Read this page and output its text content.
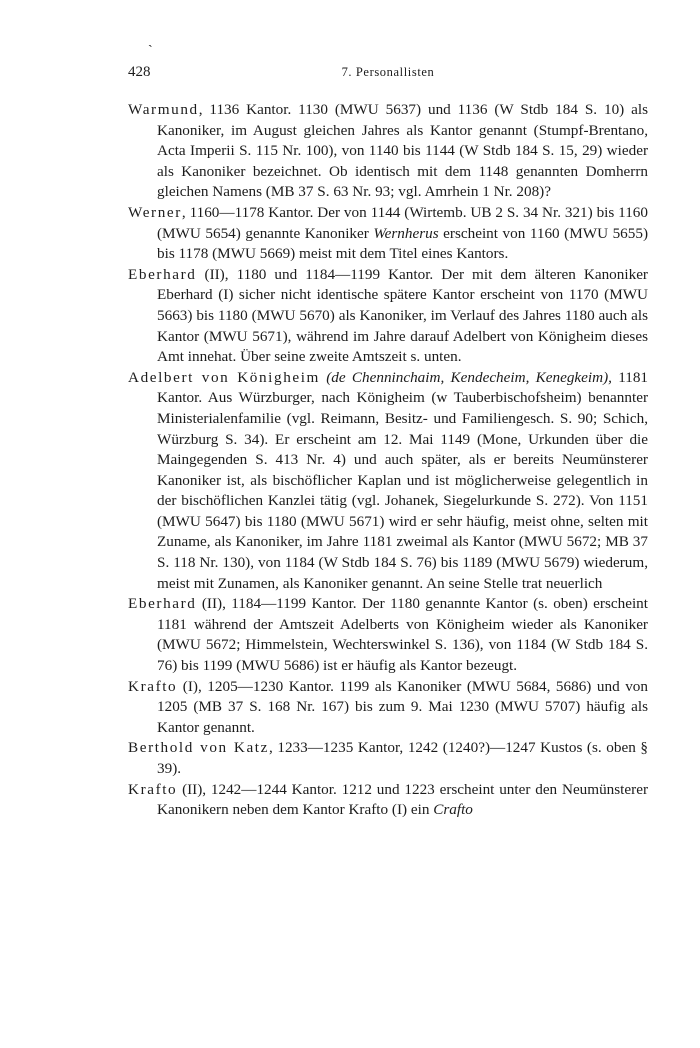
ˎ
428	7. Personallisten

Warmund, 1136 Kantor. 1130 (MWU 5637) und 1136 (W Stdb 184 S. 10) als Kanoniker, im August gleichen Jahres als Kantor genannt (Stumpf-Brentano, Acta Imperii S. 115 Nr. 100), von 1140 bis 1144 (W Stdb 184 S. 15, 29) wieder als Kanoniker bezeichnet. Ob identisch mit dem 1148 genannten Domherrn gleichen Namens (MB 37 S. 63 Nr. 93; vgl. Amrhein 1 Nr. 208)?

Werner, 1160—1178 Kantor. Der von 1144 (Wirtemb. UB 2 S. 34 Nr. 321) bis 1160 (MWU 5654) genannte Kanoniker Wernherus erscheint von 1160 (MWU 5655) bis 1178 (MWU 5669) meist mit dem Titel eines Kantors.

Eberhard (II), 1180 und 1184—1199 Kantor. Der mit dem älteren Kanoniker Eberhard (I) sicher nicht identische spätere Kantor erscheint von 1170 (MWU 5663) bis 1180 (MWU 5670) als Kanoniker, im Verlauf des Jahres 1180 auch als Kantor (MWU 5671), während im Jahre darauf Adelbert von Königheim dieses Amt innehat. Über seine zweite Amtszeit s. unten.

Adelbert von Königheim (de Chenninchaim, Kendecheim, Kenegkeim), 1181 Kantor. Aus Würzburger, nach Königheim (w Tauberbischofsheim) benannter Ministerialenfamilie (vgl. Reimann, Besitz- und Familiengesch. S. 90; Schich, Würzburg S. 34). Er erscheint am 12. Mai 1149 (Mone, Urkunden über die Maingegenden S. 413 Nr. 4) und auch später, als er bereits Neumünsterer Kanoniker ist, als bischöflicher Kaplan und ist möglicherweise gelegentlich in der bischöflichen Kanzlei tätig (vgl. Johanek, Siegelurkunde S. 272). Von 1151 (MWU 5647) bis 1180 (MWU 5671) wird er sehr häufig, meist ohne, selten mit Zuname, als Kanoniker, im Jahre 1181 zweimal als Kantor (MWU 5672; MB 37 S. 118 Nr. 130), von 1184 (W Stdb 184 S. 76) bis 1189 (MWU 5679) wiederum, meist mit Zunamen, als Kanoniker genannt. An seine Stelle trat neuerlich

Eberhard (II), 1184—1199 Kantor. Der 1180 genannte Kantor (s. oben) erscheint 1181 während der Amtszeit Adelberts von Königheim wieder als Kanoniker (MWU 5672; Himmelstein, Wechterswinkel S. 136), von 1184 (W Stdb 184 S. 76) bis 1199 (MWU 5686) ist er häufig als Kantor bezeugt.

Krafto (I), 1205—1230 Kantor. 1199 als Kanoniker (MWU 5684, 5686) und von 1205 (MB 37 S. 168 Nr. 167) bis zum 9. Mai 1230 (MWU 5707) häufig als Kantor genannt.

Berthold von Katz, 1233—1235 Kantor, 1242 (1240?)—1247 Kustos (s. oben § 39).

Krafto (II), 1242—1244 Kantor. 1212 und 1223 erscheint unter den Neumünsterer Kanonikern neben dem Kantor Krafto (I) ein Crafto
